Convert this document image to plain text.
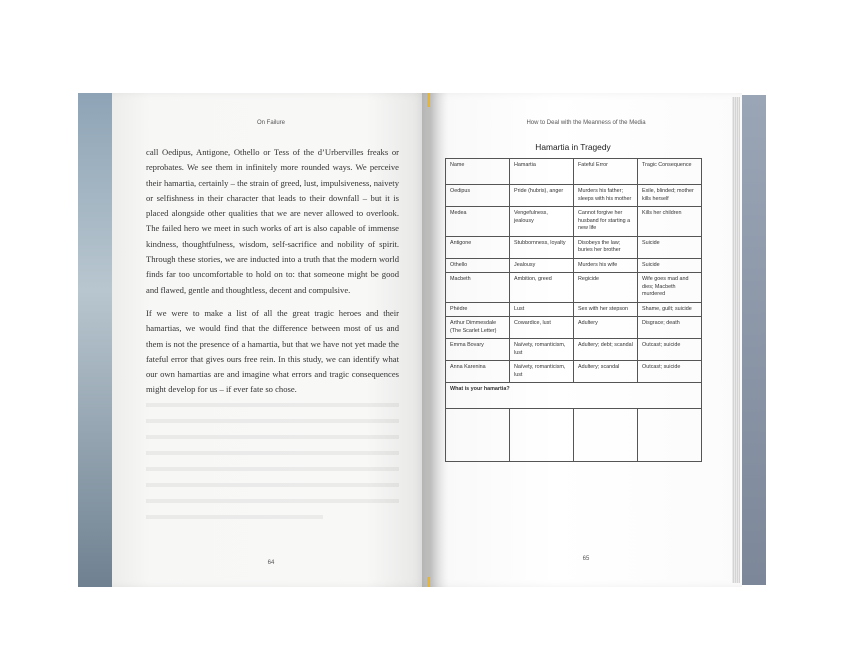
On Failure

call Oedipus, Antigone, Othello or Tess of the d’Urbervilles freaks or reprobates. We see them in infinitely more rounded ways. We perceive their hamartia, certainly – the strain of greed, lust, impulsiveness, naivety or selfishness in their character that leads to their downfall – but it is placed alongside other qualities that we are never allowed to overlook. The failed hero we meet in such works of art is also capable of immense kindness, thoughtfulness, wisdom, self-sacrifice and nobility of spirit. Through these stories, we are inducted into a truth that the modern world finds far too uncomfortable to hold on to: that someone might be good and flawed, gentle and thoughtless, decent and compulsive.

If we were to make a list of all the great tragic heroes and their hamartias, we would find that the difference between most of us and them is not the presence of a hamartia, but that we have not yet made the fateful error that gives ours free rein. In this study, we can identify what our own hamartias are and imagine what errors and tragic consequences might develop for us – if ever fate so chose.

64
How to Deal with the Meanness of the Media
65
Hamartia in Tragedy
Name	Hamartia	Fateful Error	Tragic Consequence
Oedipus	Pride (hubris), anger	Murders his father; sleeps with his mother	Exile, blinded; mother kills herself
Medea	Vengefulness, jealousy	Cannot forgive her husband for starting a new life	Kills her children
Antigone	Stubbornness, loyalty	Disobeys the law; buries her brother	Suicide
Othello	Jealousy	Murders his wife	Suicide
Macbeth	Ambition, greed	Regicide	Wife goes mad and dies; Macbeth murdered
Phèdre	Lust	Sex with her stepson	Shame, guilt; suicide
Arthur Dimmesdale (The Scarlet Letter)	Cowardice, lust	Adultery	Disgrace; death
Emma Bovary	Naïvety, romanticism, lust	Adultery; debt; scandal	Outcast; suicide
Anna Karenina	Naïvety, romanticism, lust	Adultery; scandal	Outcast; suicide

What is your hamartia?			
